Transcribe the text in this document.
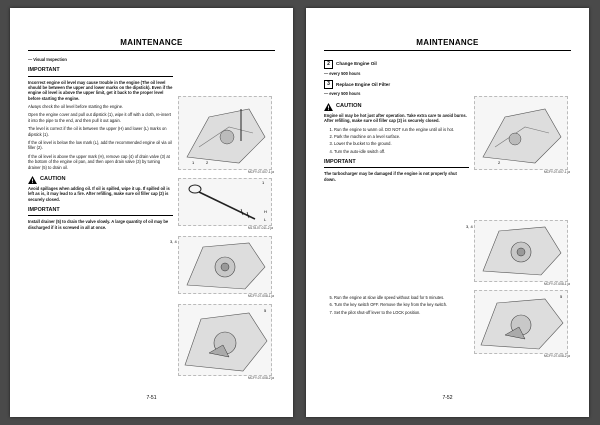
MAINTENANCE
— Visual Inspection
IMPORTANT

Incorrect engine oil level may cause trouble in the engine (The oil level should be between the upper and lower marks on the dipstick). Even if the engine oil level is above the upper limit, get it back to the proper level before starting the engine.

Always check the oil level before starting the engine.

Open the engine cover and pull out dipstick (1), wipe it off with a cloth, re-insert it into the pipe to the end, and then pull it out again.

The level is correct if the oil is between the upper (H) and lower (L) marks on dipstick (1).

If the oil level is below the low mark (L), add the recommended engine oil via oil filler (2).

If the oil level is above the upper mark (H), remove cap (4) of drain valve (3) at the bottom of the engine oil pan, and then open drain valve (3) by turning drainer (5) to drain oil.

CAUTION

Avoid spillages when adding oil. If oil is spilled, wipe it up. If spilled oil is left as is, it may lead to a fire. After refilling, make sure oil filler cap (2) is securely closed.

IMPORTANT

Install drainer (5) to drain the valve slowly. A large quantity of oil may be discharged if it is screwed in all at once.

1	2
MCFY-07-007-1 ja
1
H
L
M178-07-011-2 ja
3, 4
MCFY-07-008-1 ja
5
MCFY-07-008-2 ja
7-51
MAINTENANCE
2	Change Engine Oil

— every 500 hours

3	Replace Engine Oil Filter

— every 500 hours

CAUTION

Engine oil may be hot just after operation. Take extra care to avoid burns. After refilling, make sure oil filler cap (2) is securely closed.

1. Run the engine to warm oil. DO NOT run the engine until oil is hot.
2. Park the machine on a level surface.
3. Lower the bucket to the ground.
4. Turn the auto-idle switch off.
IMPORTANT

The turbocharger may be damaged if the engine is not properly shut down.

5. Run the engine at slow idle speed without load for 5 minutes.
6. Turn the key switch OFF. Remove the key from the key switch.
7. Set the pilot shut-off lever to the LOCK position.
2
MCFY-07-007-1 ja
3, 4
MCFY-07-008-1 ja
5
MCFY-07-008-2 ja
7-52
